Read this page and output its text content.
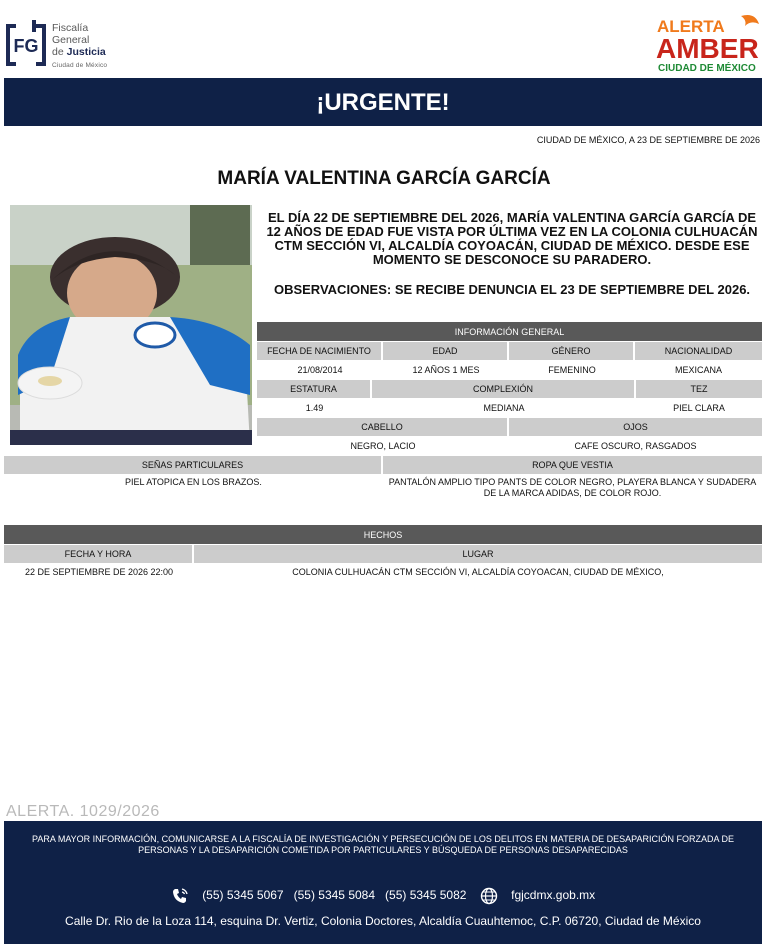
FG
Fiscalía
General
de Justicia
Ciudad de México
ALERTA
AMBER
CIUDAD DE MÉXICO
¡URGENTE!
CIUDAD DE MÉXICO, A 23 DE SEPTIEMBRE DE 2026
MARÍA VALENTINA GARCÍA GARCÍA
EL DÍA 22 DE SEPTIEMBRE DEL 2026, MARÍA VALENTINA GARCÍA GARCÍA DE 12 AÑOS DE EDAD FUE VISTA POR ÚLTIMA VEZ EN LA COLONIA CULHUACÁN CTM SECCIÓN VI, ALCALDÍA COYOACÁN, CIUDAD DE MÉXICO. DESDE ESE MOMENTO SE DESCONOCE SU PARADERO.
OBSERVACIONES: SE RECIBE DENUNCIA EL 23 DE SEPTIEMBRE DEL 2026.
INFORMACIÓN GENERAL
FECHA DE NACIMIENTO	EDAD	GÉNERO	NACIONALIDAD
21/08/2014	12 AÑOS 1 MES	FEMENINO	MEXICANA
ESTATURA	COMPLEXIÓN	TEZ
1.49	MEDIANA	PIEL CLARA
CABELLO	OJOS
NEGRO, LACIO	CAFE OSCURO, RASGADOS
SEÑAS PARTICULARES	ROPA QUE VESTIA
PIEL ATOPICA EN LOS BRAZOS.	PANTALÓN AMPLIO TIPO PANTS DE COLOR NEGRO, PLAYERA BLANCA Y SUDADERA DE LA MARCA ADIDAS, DE COLOR ROJO.
HECHOS
FECHA Y HORA	LUGAR
22 DE SEPTIEMBRE DE 2026 22:00	COLONIA CULHUACÁN CTM SECCIÓN VI, ALCALDÍA COYOACAN, CIUDAD DE MÉXICO,
ALERTA. 1029/2026
PARA MAYOR INFORMACIÓN, COMUNICARSE A LA FISCALÍA DE INVESTIGACIÓN Y PERSECUCIÓN DE LOS DELITOS EN MATERIA DE DESAPARICIÓN FORZADA DE PERSONAS Y LA DESAPARICIÓN COMETIDA POR PARTICULARES Y BÚSQUEDA DE PERSONAS DESAPARECIDAS
(55) 5345 5067 (55) 5345 5084 (55) 5345 5082	fgjcdmx.gob.mx
Calle Dr. Rio de la Loza 114, esquina Dr. Vertiz, Colonia Doctores, Alcaldía Cuauhtemoc, C.P. 06720, Ciudad de México
